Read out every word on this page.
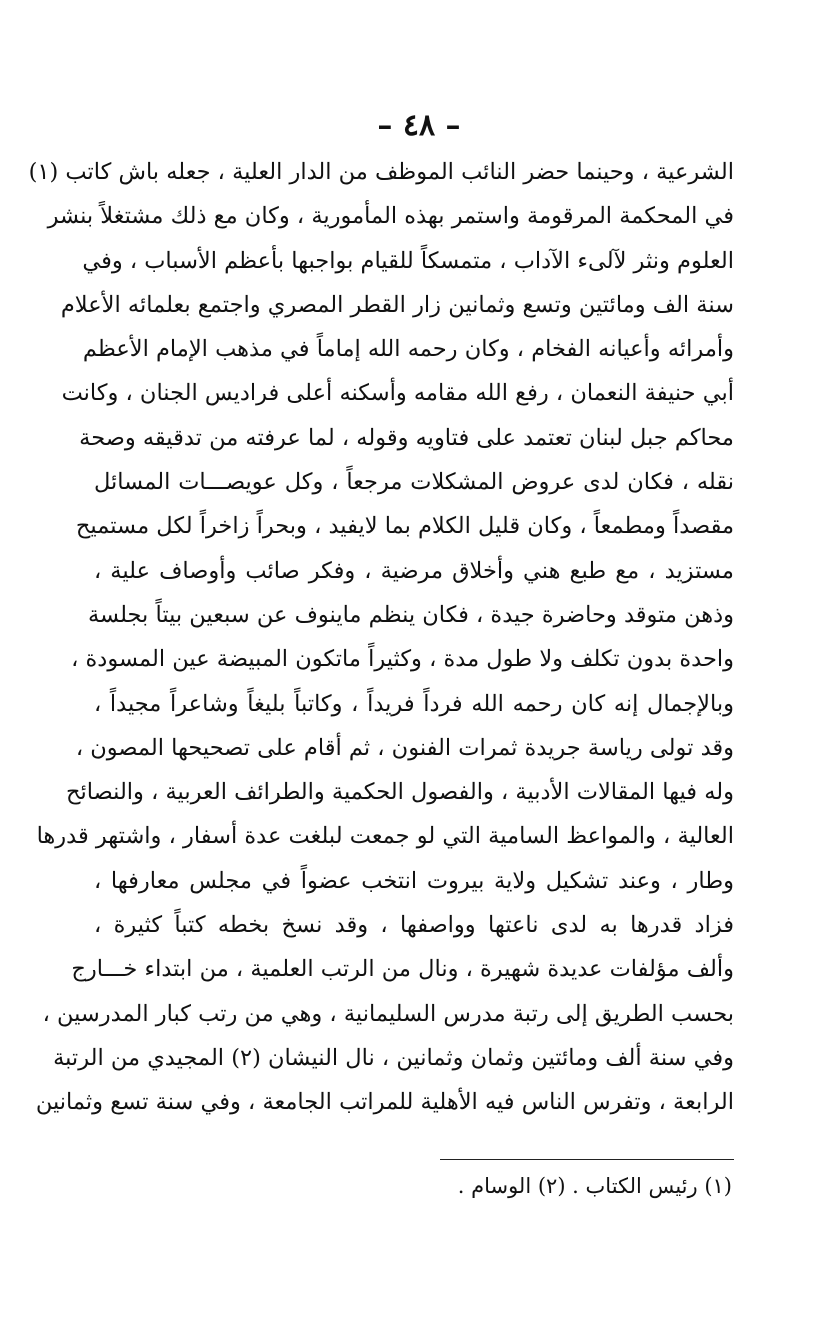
– ٤٨ –
الشرعية ، وحينما حضر النائب الموظف من الدار العلية ، جعله باش كاتب (١)
في المحكمة المرقومة واستمر بهذه المأمورية ، وكان مع ذلك مشتغلاً بنشر
العلوم ونثر لآلىء الآداب ، متمسكاً للقيام بواجبها بأعظم الأسباب ، وفي
سنة الف ومائتين وتسع وثمانين زار القطر المصري واجتمع بعلمائه الأعلام
وأمرائه وأعيانه الفخام ، وكان رحمه الله إماماً في مذهب الإمام الأعظم
أبي حنيفة النعمان ، رفع الله مقامه وأسكنه أعلى فراديس الجنان ، وكانت
محاكم جبل لبنان تعتمد على فتاويه وقوله ، لما عرفته من تدقيقه وصحة
نقله ، فكان لدى عروض المشكلات مرجعاً ، وكل عويصـــات المسائل
مقصداً ومطمعاً ، وكان قليل الكلام بما لايفيد ، وبحراً زاخراً لكل مستميح
مستزيد ، مع طبع هني وأخلاق مرضية ، وفكر صائب وأوصاف علية ،
وذهن متوقد وحاضرة جيدة ، فكان ينظم ماينوف عن سبعين بيتاً بجلسة
واحدة بدون تكلف ولا طول مدة ، وكثيراً ماتكون المبيضة عين المسودة ،
وبالإجمال إنه كان رحمه الله فرداً فريداً ، وكاتباً بليغاً وشاعراً مجيداً ،
وقد تولى رياسة جريدة ثمرات الفنون ، ثم أقام على تصحيحها المصون ،
وله فيها المقالات الأدبية ، والفصول الحكمية والطرائف العربية ، والنصائح
العالية ، والمواعظ السامية التي لو جمعت لبلغت عدة أسفار ، واشتهر قدرها
وطار ، وعند تشكيل ولاية بيروت انتخب عضواً في مجلس معارفها ،
فزاد قدرها به لدى ناعتها وواصفها ، وقد نسخ بخطه كتباً كثيرة ،
وألف مؤلفات عديدة شهيرة ، ونال من الرتب العلمية ، من ابتداء خـــارج
بحسب الطريق إلى رتبة مدرس السليمانية ، وهي من رتب كبار المدرسين ،
وفي سنة ألف ومائتين وثمان وثمانين ، نال النيشان (٢) المجيدي من الرتبة
الرابعة ، وتفرس الناس فيه الأهلية للمراتب الجامعة ، وفي سنة تسع وثمانين
(١) رئيس الكتاب . (٢) الوسام .
